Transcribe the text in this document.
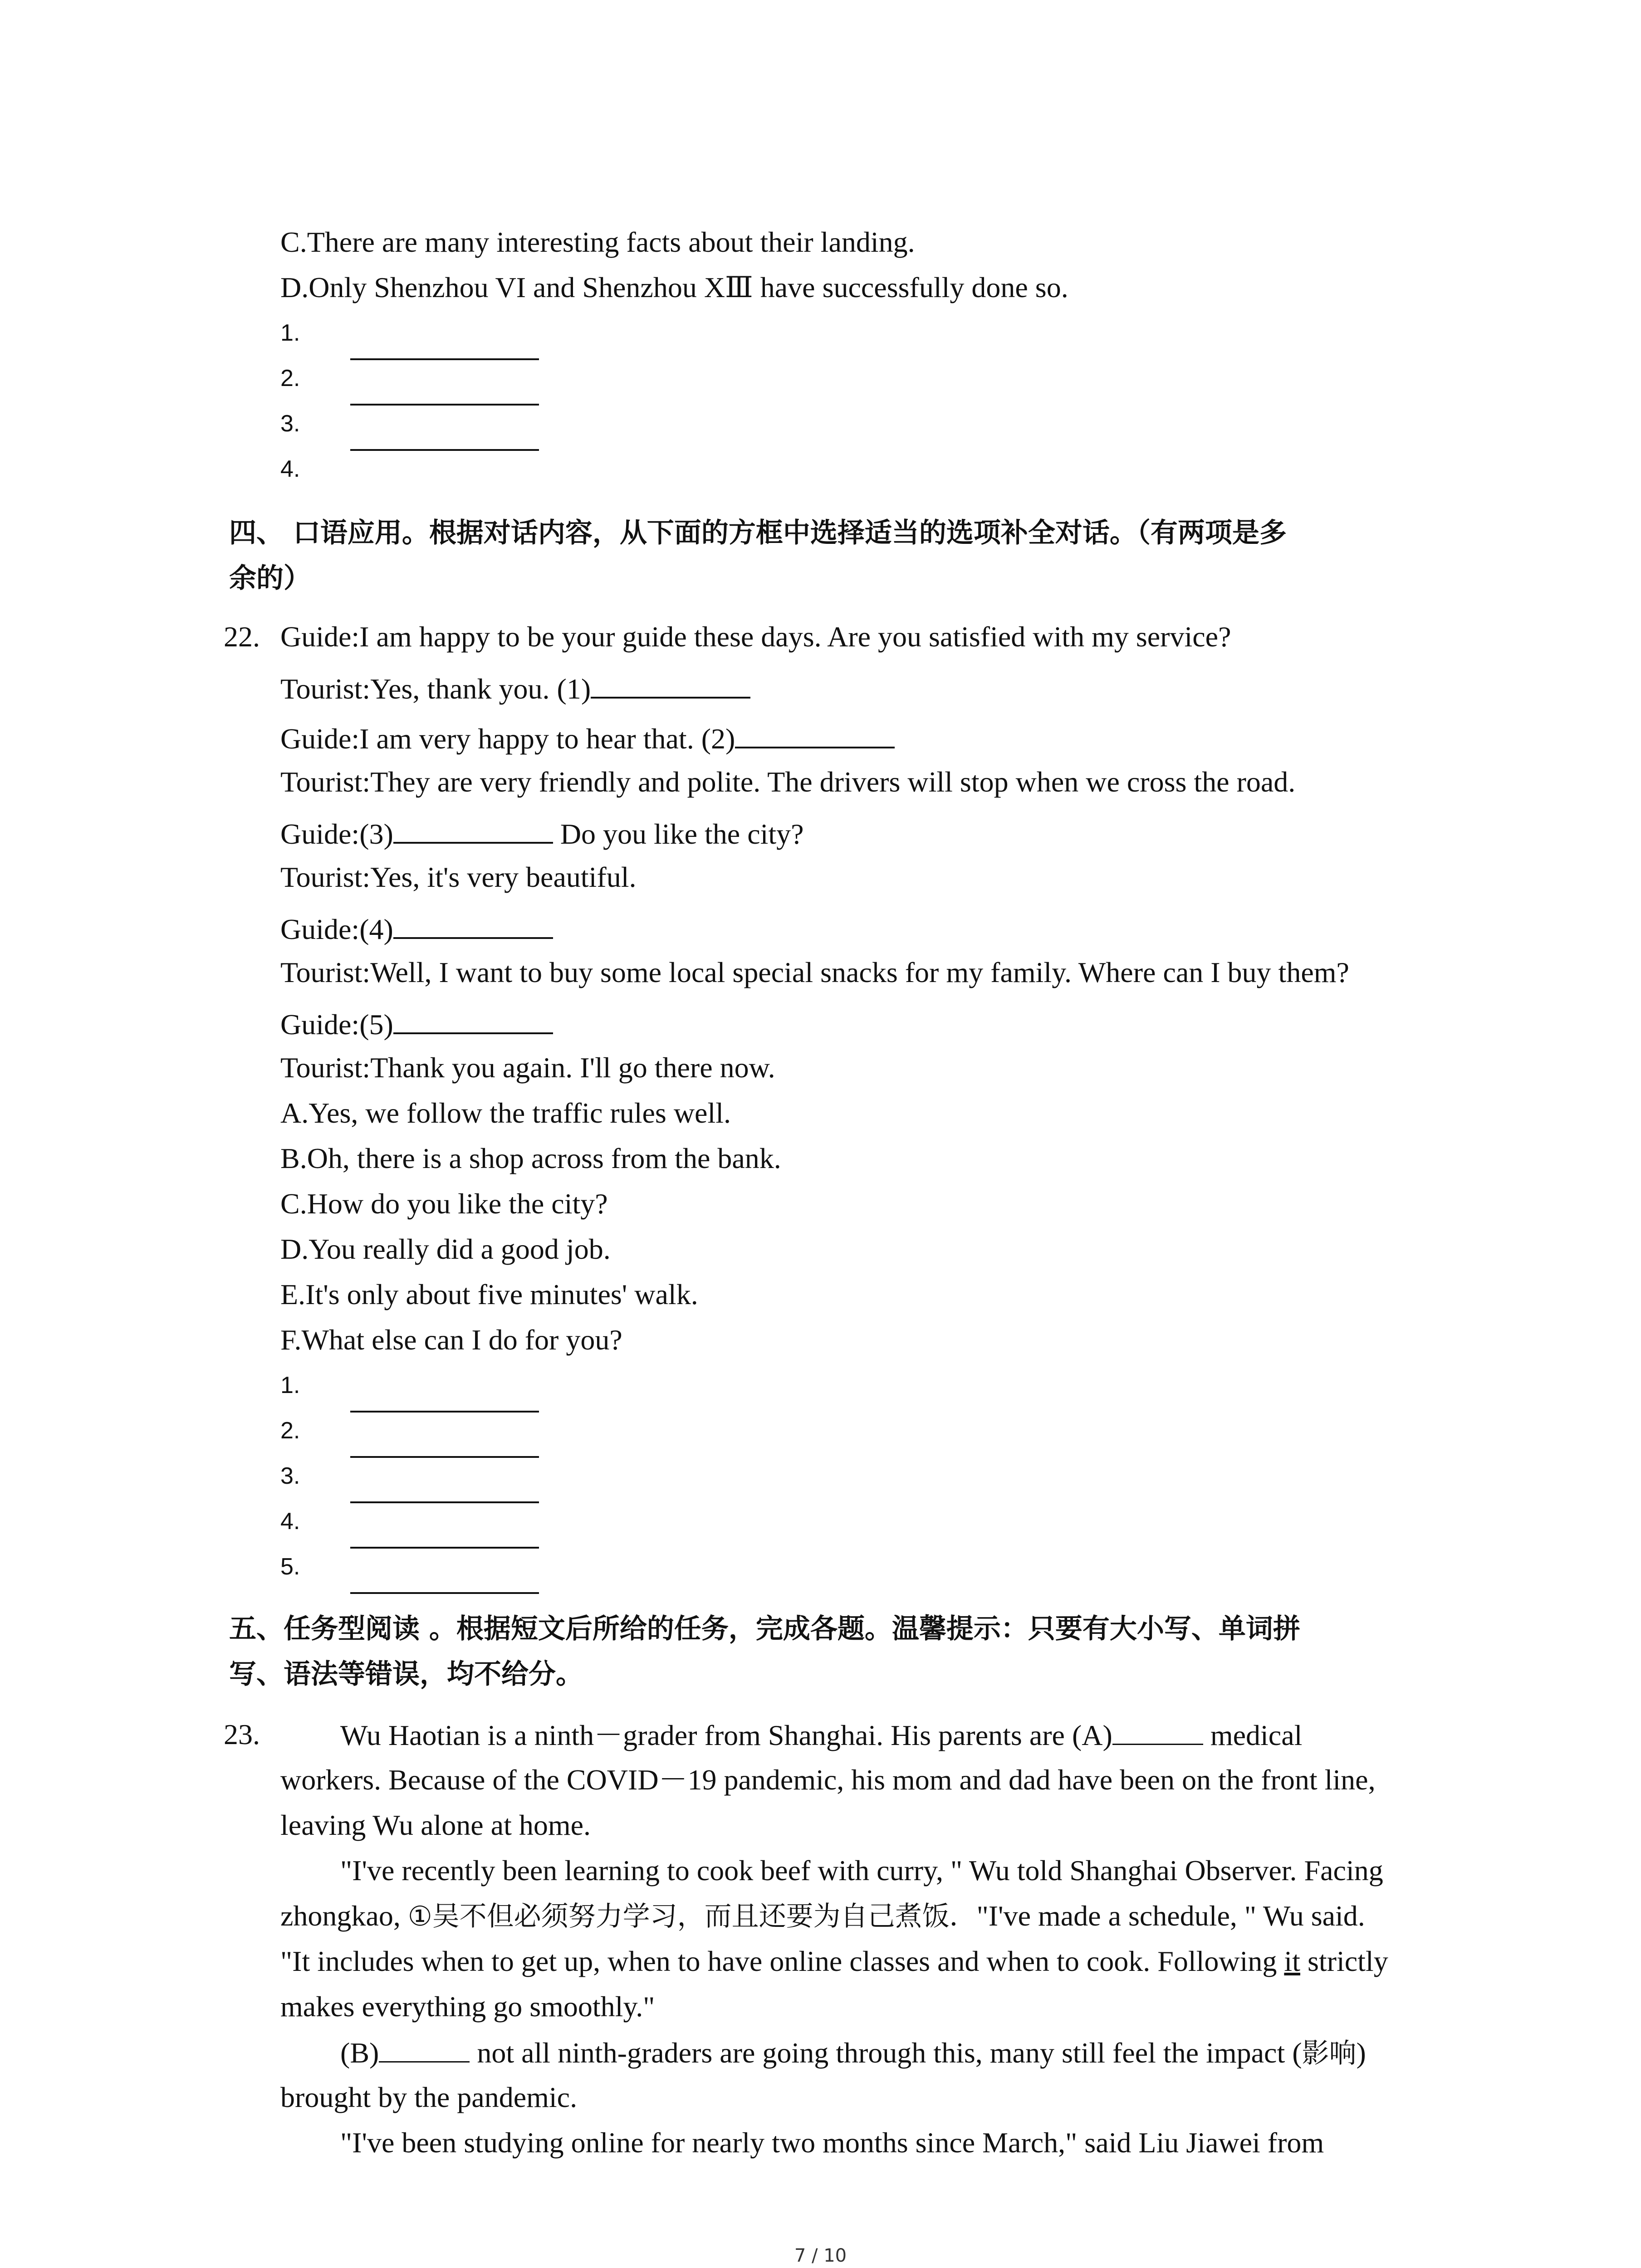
C.There are many interesting facts about their landing.
D.Only Shenzhou VI and Shenzhou XⅢ have successfully done so.
1.
2.
3.
4.
四、 口语应用。根据对话内容，从下面的方框中选择适当的选项补全对话。（有两项是多
余的）
22. Guide:I am happy to be your guide these days. Are you satisfied with my service?
Tourist:Yes, thank you. (1)
Guide:I am very happy to hear that. (2)
Tourist:They are very friendly and polite. The drivers will stop when we cross the road.
Guide:(3)	Do you like the city?
Tourist:Yes, it's very beautiful.
Guide:(4)
Tourist:Well, I want to buy some local special snacks for my family. Where can I buy them?
Guide:(5)
Tourist:Thank you again. I'll go there now.
A.Yes, we follow the traffic rules well.
B.Oh, there is a shop across from the bank.
C.How do you like the city?
D.You really did a good job.
E.It's only about five minutes' walk.
F.What else can I do for you?
1.
2.
3.
4.
5.
五、任务型阅读 。根据短文后所给的任务，完成各题。温馨提示：只要有大小写、单词拼
写、语法等错误，均不给分。
23.	Wu Haotian is a ninth－grader from Shanghai. His parents are (A)	medical
workers. Because of the COVID－19 pandemic, his mom and dad have been on the front line,
leaving Wu alone at home.
"I've recently been learning to cook beef with curry, " Wu told Shanghai Observer. Facing
zhongkao, ①吴不但必须努力学习，而且还要为自己煮饭．"I've made a schedule, " Wu said.
"It includes when to get up, when to have online classes and when to cook. Following it strictly
makes everything go smoothly."
(B)	not all ninth-graders are going through this, many still feel the impact (影响)
brought by the pandemic.
"I've been studying online for nearly two months since March," said Liu Jiawei from
7 / 10
